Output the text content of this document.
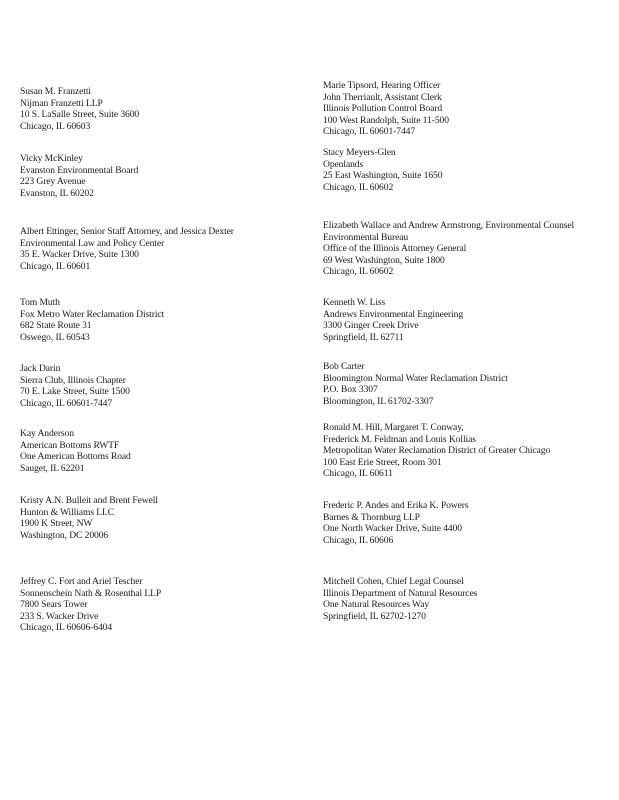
Susan M. Franzetti
Nijman Franzetti LLP
10 S. LaSalle Street, Suite 3600
Chicago, IL 60603
Vicky McKinley
Evanston Environmental Board
223 Grey Avenue
Evanston, IL 60202
Albert Ettinger, Senior Staff Attorney, and Jessica Dexter
Environmental Law and Policy Center
35 E. Wacker Drive, Suite 1300
Chicago, IL 60601
Tom Muth
Fox Metro Water Reclamation District
682 State Route 31
Oswego, IL 60543
Jack Darin
Sierra Club, Illinois Chapter
70 E. Lake Street, Suite 1500
Chicago, IL 60601-7447
Kay Anderson
American Bottoms RWTF
One American Bottoms Road
Sauget, IL 62201
Kristy A.N. Bulleit and Brent Fewell
Hunton & Williams LLC
1900 K Street, NW
Washington, DC 20006
Jeffrey C. Fort and Ariel Tescher
Sonnenschein Nath & Rosenthal LLP
7800 Sears Tower
233 S. Wacker Drive
Chicago, IL 60606-6404
Marie Tipsord, Hearing Officer
John Therriault, Assistant Clerk
Illinois Pollution Control Board
100 West Randolph, Suite 11-500
Chicago, IL 60601-7447
Stacy Meyers-Glen
Openlands
25 East Washington, Suite 1650
Chicago, IL 60602
Elizabeth Wallace and Andrew Armstrong, Environmental Counsel
Environmental Bureau
Office of the Illinois Attorney General
69 West Washington, Suite 1800
Chicago, IL 60602
Kenneth W. Liss
Andrews Environmental Engineering
3300 Ginger Creek Drive
Springfield, IL 62711
Bob Carter
Bloomington Normal Water Reclamation District
P.O. Box 3307
Bloomington, IL 61702-3307
Ronald M. Hill, Margaret T. Conway,
Frederick M. Feldman and Louis Kollias
Metropolitan Water Reclamation District of Greater Chicago
100 East Erie Street, Room 301
Chicago, IL 60611
Frederic P. Andes and Erika K. Powers
Barnes & Thornburg LLP
One North Wacker Drive, Suite 4400
Chicago, IL 60606
Mitchell Cohen, Chief Legal Counsel
Illinois Department of Natural Resources
One Natural Resources Way
Springfield, IL 62702-1270
